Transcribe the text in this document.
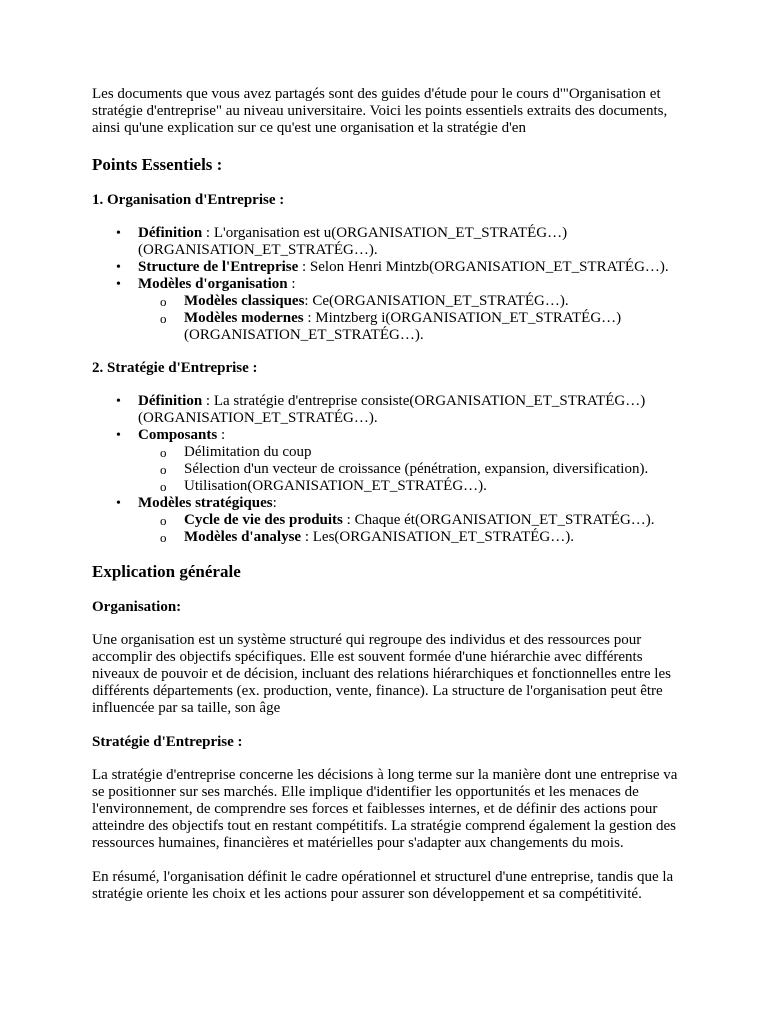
Les documents que vous avez partagés sont des guides d'étude pour le cours d'"Organisation et stratégie d'entreprise" au niveau universitaire. Voici les points essentiels extraits des documents, ainsi qu'une explication sur ce qu'est une organisation et la stratégie d'en

Points Essentiels :
1. Organisation d'Entreprise :
• Définition : L'organisation est u(ORGANISATION_ET_STRATÉG…) (ORGANISATION_ET_STRATÉG…).
• Structure de l'Entreprise : Selon Henri Mintzb(ORGANISATION_ET_STRATÉG…).
• Modèles d'organisation :
o Modèles classiques: Ce(ORGANISATION_ET_STRATÉG…).
o Modèles modernes : Mintzberg i(ORGANISATION_ET_STRATÉG…) (ORGANISATION_ET_STRATÉG…).
2. Stratégie d'Entreprise :
• Définition : La stratégie d'entreprise consiste(ORGANISATION_ET_STRATÉG…) (ORGANISATION_ET_STRATÉG…).
• Composants :
o Délimitation du coup
o Sélection d'un vecteur de croissance (pénétration, expansion, diversification).
o Utilisation(ORGANISATION_ET_STRATÉG…).
• Modèles stratégiques:
o Cycle de vie des produits : Chaque ét(ORGANISATION_ET_STRATÉG…).
o Modèles d'analyse : Les(ORGANISATION_ET_STRATÉG…).
Explication générale
Organisation:

Une organisation est un système structuré qui regroupe des individus et des ressources pour accomplir des objectifs spécifiques. Elle est souvent formée d'une hiérarchie avec différents niveaux de pouvoir et de décision, incluant des relations hiérarchiques et fonctionnelles entre les différents départements (ex. production, vente, finance). La structure de l'organisation peut être influencée par sa taille, son âge

Stratégie d'Entreprise :

La stratégie d'entreprise concerne les décisions à long terme sur la manière dont une entreprise va se positionner sur ses marchés. Elle implique d'identifier les opportunités et les menaces de l'environnement, de comprendre ses forces et faiblesses internes, et de définir des actions pour atteindre des objectifs tout en restant compétitifs. La stratégie comprend également la gestion des ressources humaines, financières et matérielles pour s'adapter aux changements du mois.

En résumé, l'organisation définit le cadre opérationnel et structurel d'une entreprise, tandis que la stratégie oriente les choix et les actions pour assurer son développement et sa compétitivité.
